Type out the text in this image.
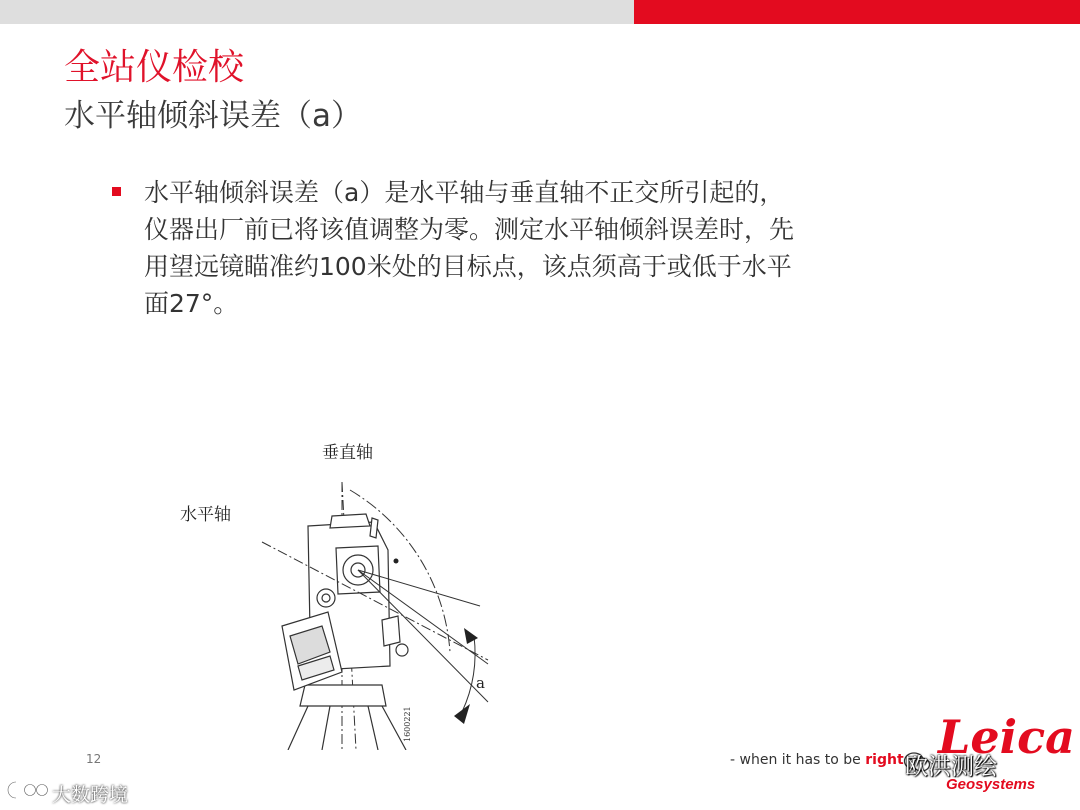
全站仪检校
水平轴倾斜误差（a）
水平轴倾斜误差（a）是水平轴与垂直轴不正交所引起的，
仪器出厂前已将该值调整为零。测定水平轴倾斜误差时，先
用望远镜瞄准约100米处的目标点，该点须高于或低于水平
面27°。
垂直轴
水平轴
a
1600221
12	- when it has to be right Leica
Geosystems
欧洪测绘
大数跨境
